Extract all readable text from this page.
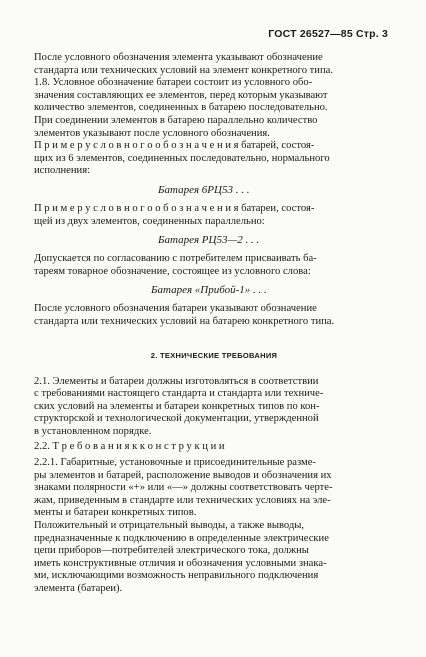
ГОСТ 26527—85 Стр. 3

После условного обозначения элемента указывают обозначение
стандарта или технических условий на элемент конкретного типа.

1.8. Условное обозначение батареи состоит из условного обо-
значения составляющих ее элементов, перед которым указывают
количество элементов, соединенных в батарею последовательно.

При соединении элементов в батарею параллельно количество
элементов указывают после условного обозначения.

П р и м е р у с л о в н о г о о б о з н а ч е н и я батарей, состоя-
щих из 6 элементов, соединенных последовательно, нормального
исполнения:

Батарея 6РЦ53 . . .

П р и м е р у с л о в н о г о о б о з н а ч е н и я батареи, состоя-
щей из двух элементов, соединенных параллельно:

Батарея РЦ53—2 . . .

Допускается по согласованию с потребителем присваивать ба-
тареям товарное обозначение, состоящее из условного слова:

Батарея «Прибой-1» . . .

После условного обозначения батареи указывают обозначение
стандарта или технических условий на батарею конкретного типа.

2. ТЕХНИЧЕСКИЕ ТРЕБОВАНИЯ

2.1. Элементы и батареи должны изготовляться в соответствии
с требованиями настоящего стандарта и стандарта или техниче-
ских условий на элементы и батареи конкретных типов по кон-
структорской и технологической документации, утвержденной
в установленном порядке.

2.2. Т р е б о в а н и я к к о н с т р у к ц и и

2.2.1. Габаритные, установочные и присоединительные разме-
ры элементов и батарей, расположение выводов и обозначения их
знаками полярности «+» или «—» должны соответствовать черте-
жам, приведенным в стандарте или технических условиях на эле-
менты и батареи конкретных типов.

Положительный и отрицательный выводы, а также выводы,
предназначенные к подключению в определенные электрические
цепи приборов—потребителей электрического тока, должны
иметь конструктивные отличия и обозначения условными знака-
ми, исключающими возможность неправильного подключения
элемента (батареи).
